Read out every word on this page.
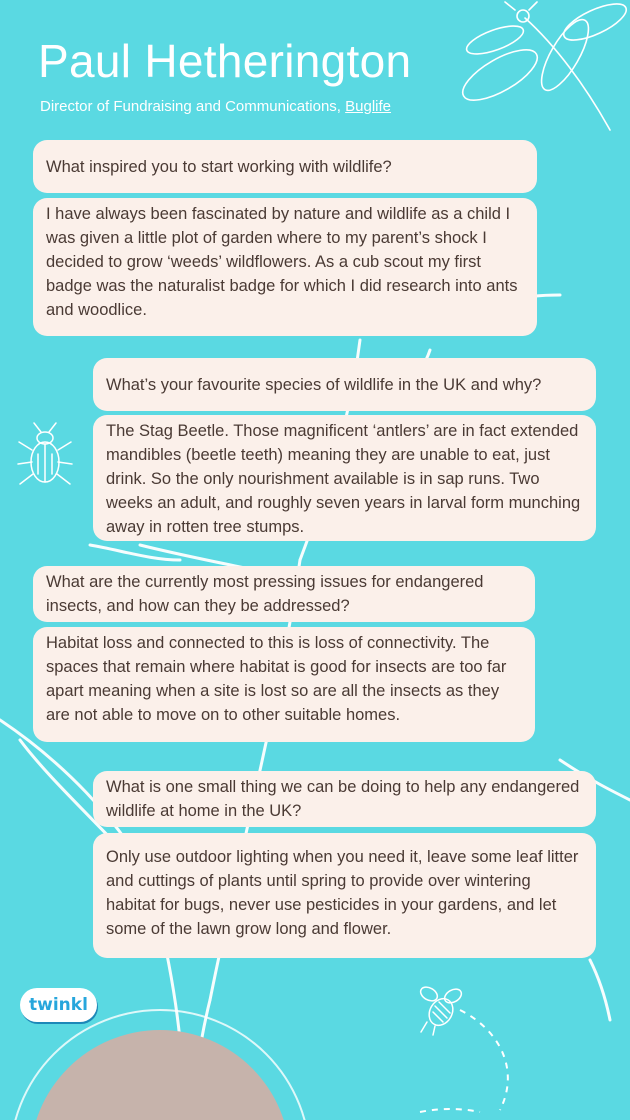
Paul Hetherington
Director of Fundraising and Communications, Buglife
What inspired you to start working with wildlife?
I have always been fascinated by nature and wildlife as a child I was given a little plot of garden where to my parent’s shock I decided to grow ‘weeds’ wildflowers. As a cub scout my first badge was the naturalist badge for which I did research into ants and woodlice.
What’s your favourite species of wildlife in the UK and why?
The Stag Beetle. Those magnificent ‘antlers’ are in fact extended mandibles (beetle teeth) meaning they are unable to eat, just drink. So the only nourishment available is in sap runs. Two weeks an adult, and roughly seven years in larval form munching away in rotten tree stumps.
What are the currently most pressing issues for endangered insects, and how can they be addressed?
Habitat loss and connected to this is loss of connectivity. The spaces that remain where habitat is good for insects are too far apart meaning when a site is lost so are all the insects as they are not able to move on to other suitable homes.
What is one small thing we can be doing to help any endangered wildlife at home in the UK?
Only use outdoor lighting when you need it, leave some leaf litter and cuttings of plants until spring to provide over wintering habitat for bugs, never use pesticides in your gardens, and let some of the lawn grow long and flower.
twinkl
